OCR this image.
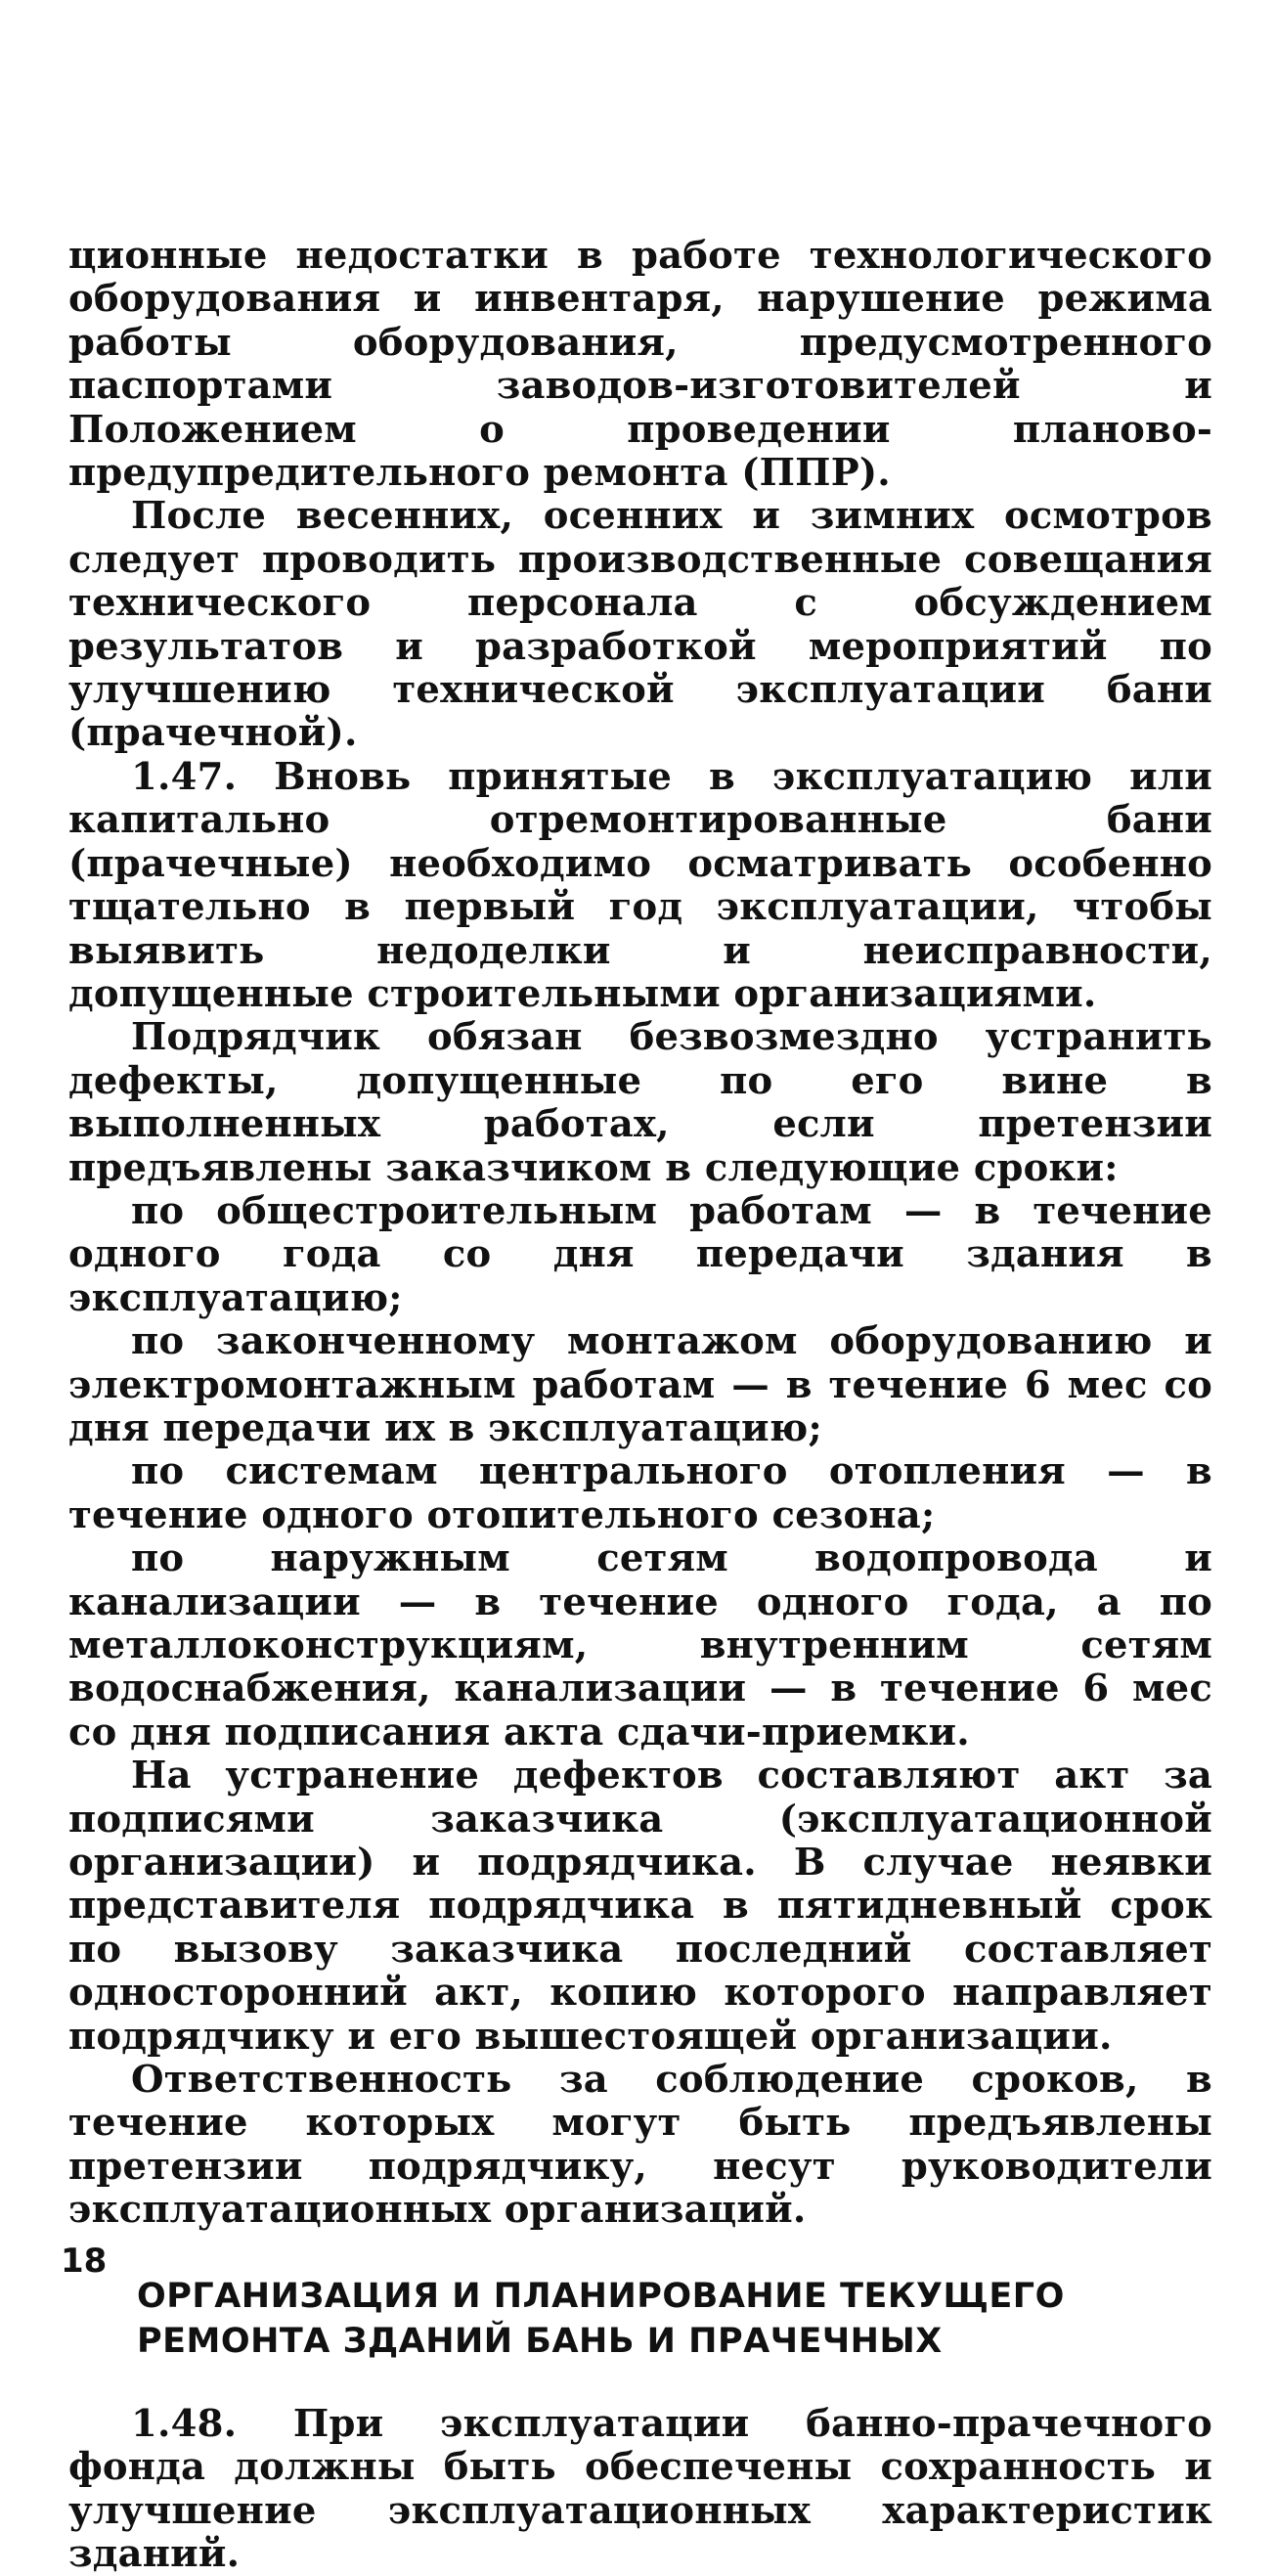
ционные недостатки в работе технологического оборудования и инвентаря, нарушение режима работы оборудования, предусмотренного паспортами заводов-изготовителей и Положением о проведении планово-предупредительного ремонта (ППР).

После весенних, осенних и зимних осмотров следует проводить производственные совещания технического персонала с обсуждением результатов и разработкой мероприятий по улучшению технической эксплуатации бани (прачечной).

1.47. Вновь принятые в эксплуатацию или капитально отремонтированные бани (прачечные) необходимо осматривать особенно тщательно в первый год эксплуатации, чтобы выявить недоделки и неисправности, допущенные строительными организациями.

Подрядчик обязан безвозмездно устранить дефекты, допущенные по его вине в выполненных работах, если претензии предъявлены заказчиком в следующие сроки:

по общестроительным работам — в течение одного года со дня передачи здания в эксплуатацию;

по законченному монтажом оборудованию и электромонтажным работам — в течение 6 мес со дня передачи их в эксплуатацию;

по системам центрального отопления — в течение одного отопительного сезона;

по наружным сетям водопровода и канализации — в течение одного года, а по металлоконструкциям, внутренним сетям водоснабжения, канализации — в течение 6 мес со дня подписания акта сдачи-приемки.

На устранение дефектов составляют акт за подписями заказчика (эксплуатационной организации) и подрядчика. В случае неявки представителя подрядчика в пятидневный срок по вызову заказчика последний составляет односторонний акт, копию которого направляет подрядчику и его вышестоящей организации.

Ответственность за соблюдение сроков, в течение которых могут быть предъявлены претензии подрядчику, несут руководители эксплуатационных организаций.

ОРГАНИЗАЦИЯ И ПЛАНИРОВАНИЕ ТЕКУЩЕГО РЕМОНТА ЗДАНИЙ БАНЬ И ПРАЧЕЧНЫХ

1.48. При эксплуатации банно-прачечного фонда должны быть обеспечены сохранность и улучшение эксплуатационных характеристик зданий.

18
